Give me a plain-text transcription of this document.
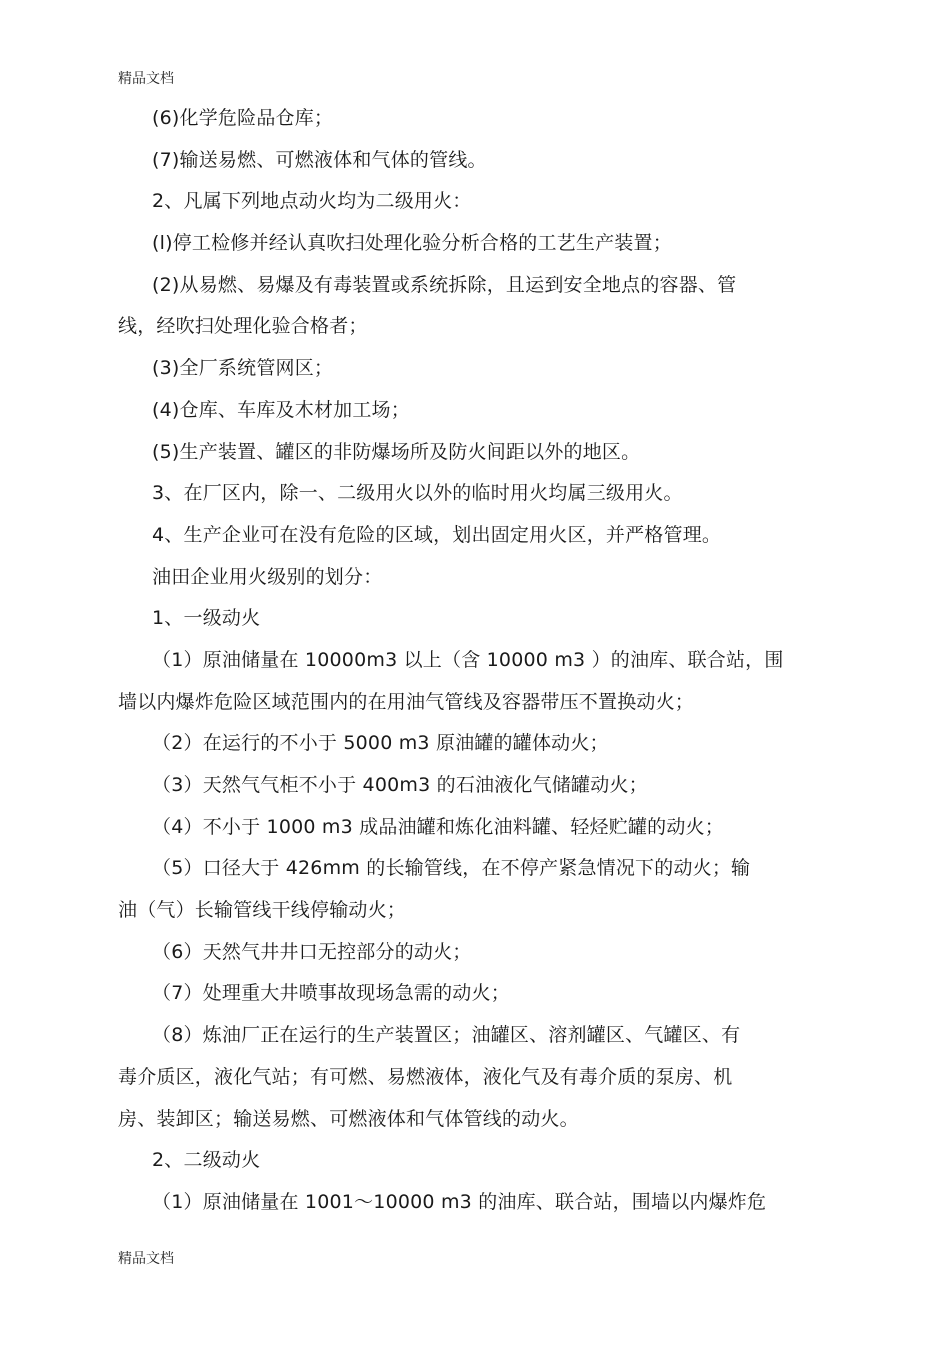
精品文档
(6)化学危险品仓库；
(7)输送易燃、可燃液体和气体的管线。
2、凡属下列地点动火均为二级用火：
(l)停工检修并经认真吹扫处理化验分析合格的工艺生产装置；
(2)从易燃、易爆及有毒装置或系统拆除，且运到安全地点的容器、管
线，经吹扫处理化验合格者；
(3)全厂系统管网区；
(4)仓库、车库及木材加工场；
(5)生产装置、罐区的非防爆场所及防火间距以外的地区。
3、在厂区内，除一、二级用火以外的临时用火均属三级用火。
4、生产企业可在没有危险的区域，划出固定用火区，并严格管理。
油田企业用火级别的划分：
1、一级动火
（1）原油储量在 10000m3 以上（含 10000 m3 ）的油库、联合站，围
墙以内爆炸危险区域范围内的在用油气管线及容器带压不置换动火；
（2）在运行的不小于 5000 m3 原油罐的罐体动火；
（3）天然气气柜不小于 400m3 的石油液化气储罐动火；
（4）不小于 1000 m3 成品油罐和炼化油料罐、轻烃贮罐的动火；
（5）口径大于 426mm 的长输管线，在不停产紧急情况下的动火；输
油（气）长输管线干线停输动火；
（6）天然气井井口无控部分的动火；
（7）处理重大井喷事故现场急需的动火；
（8）炼油厂正在运行的生产装置区；油罐区、溶剂罐区、气罐区、有
毒介质区，液化气站；有可燃、易燃液体，液化气及有毒介质的泵房、机
房、装卸区；输送易燃、可燃液体和气体管线的动火。
2、二级动火
（1）原油储量在 1001～10000 m3 的油库、联合站，围墙以内爆炸危
精品文档
